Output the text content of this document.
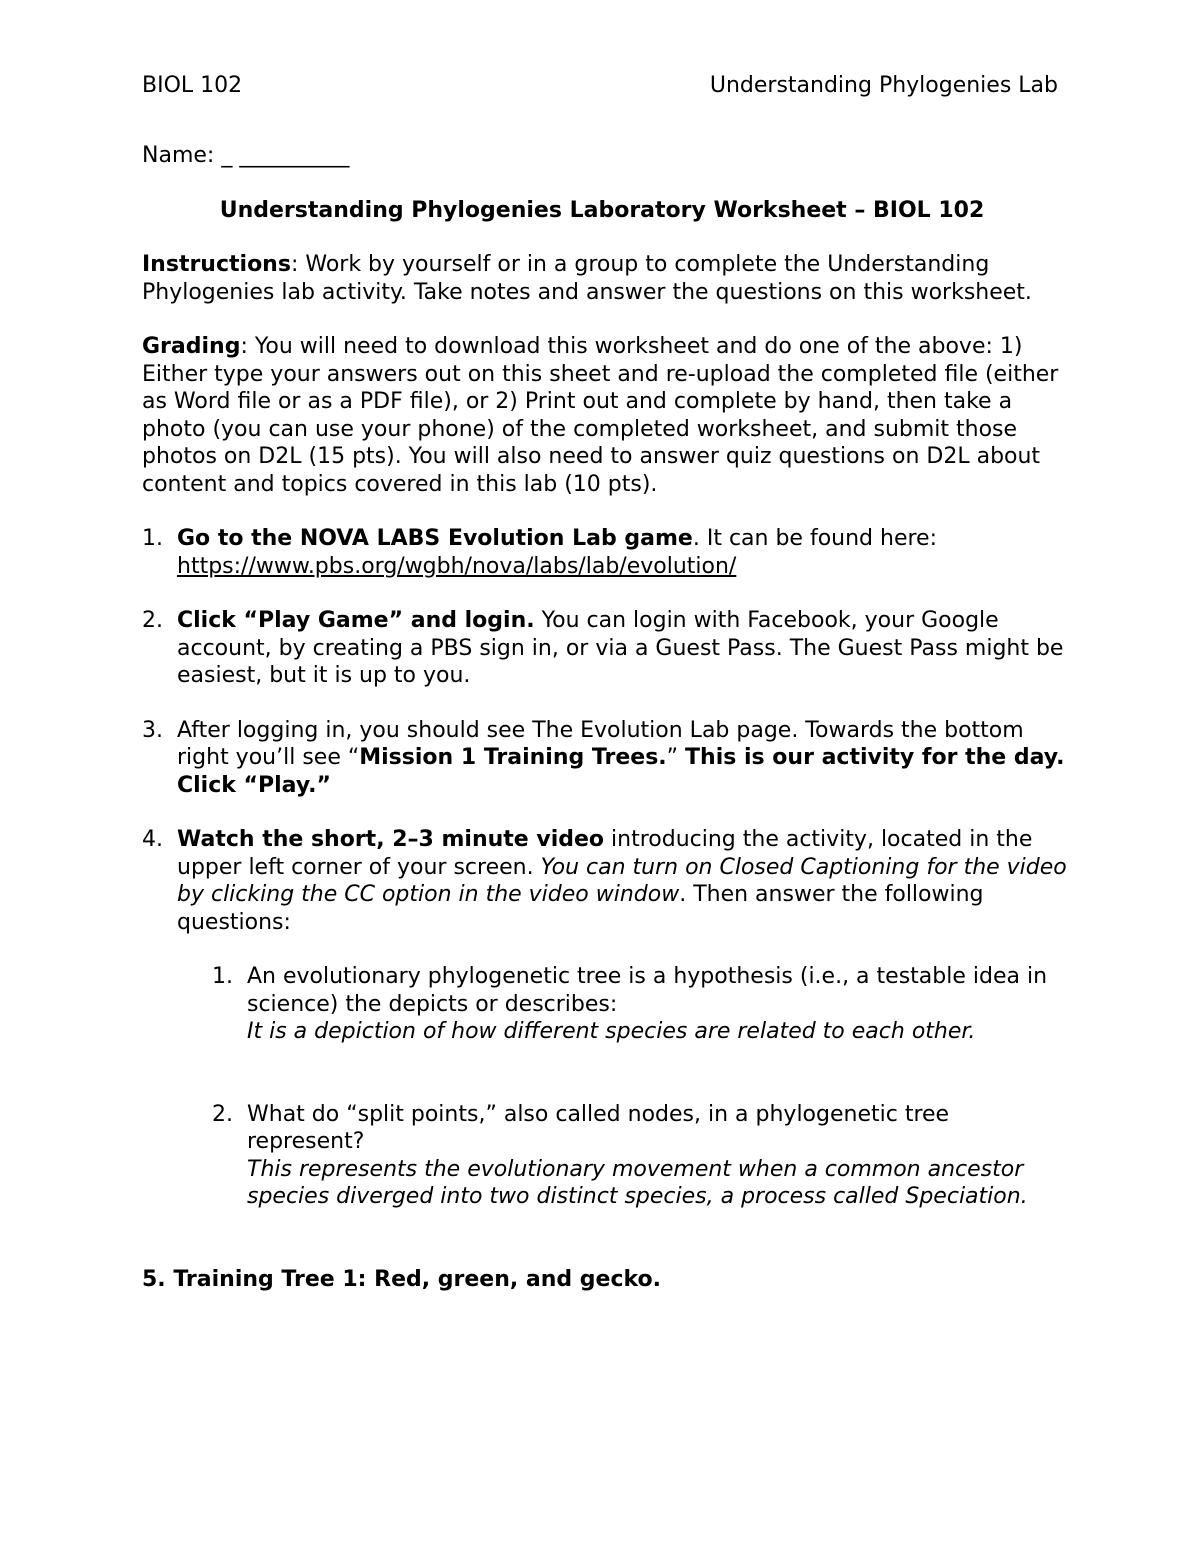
BIOL 102	Understanding Phylogenies Lab

Name: _ __________

Understanding Phylogenies Laboratory Worksheet – BIOL 102

Instructions: Work by yourself or in a group to complete the Understanding Phylogenies lab activity. Take notes and answer the questions on this worksheet.

Grading: You will need to download this worksheet and do one of the above: 1) Either type your answers out on this sheet and re-upload the completed file (either as Word file or as a PDF file), or 2) Print out and complete by hand, then take a photo (you can use your phone) of the completed worksheet, and submit those photos on D2L (15 pts). You will also need to answer quiz questions on D2L about content and topics covered in this lab (10 pts).

1. Go to the NOVA LABS Evolution Lab game. It can be found here:
https://www.pbs.org/wgbh/nova/labs/lab/evolution/
2. Click “Play Game” and login. You can login with Facebook, your Google account, by creating a PBS sign in, or via a Guest Pass. The Guest Pass might be easiest, but it is up to you.
3. After logging in, you should see The Evolution Lab page. Towards the bottom right you’ll see “Mission 1 Training Trees.” This is our activity for the day. Click “Play.”
4. Watch the short, 2–3 minute video introducing the activity, located in the upper left corner of your screen. You can turn on Closed Captioning for the video by clicking the CC option in the video window. Then answer the following questions:
1. An evolutionary phylogenetic tree is a hypothesis (i.e., a testable idea in science) the depicts or describes:
It is a depiction of how different species are related to each other.
2. What do “split points,” also called nodes, in a phylogenetic tree represent?
This represents the evolutionary movement when a common ancestor species diverged into two distinct species, a process called Speciation.

5. Training Tree 1: Red, green, and gecko.
